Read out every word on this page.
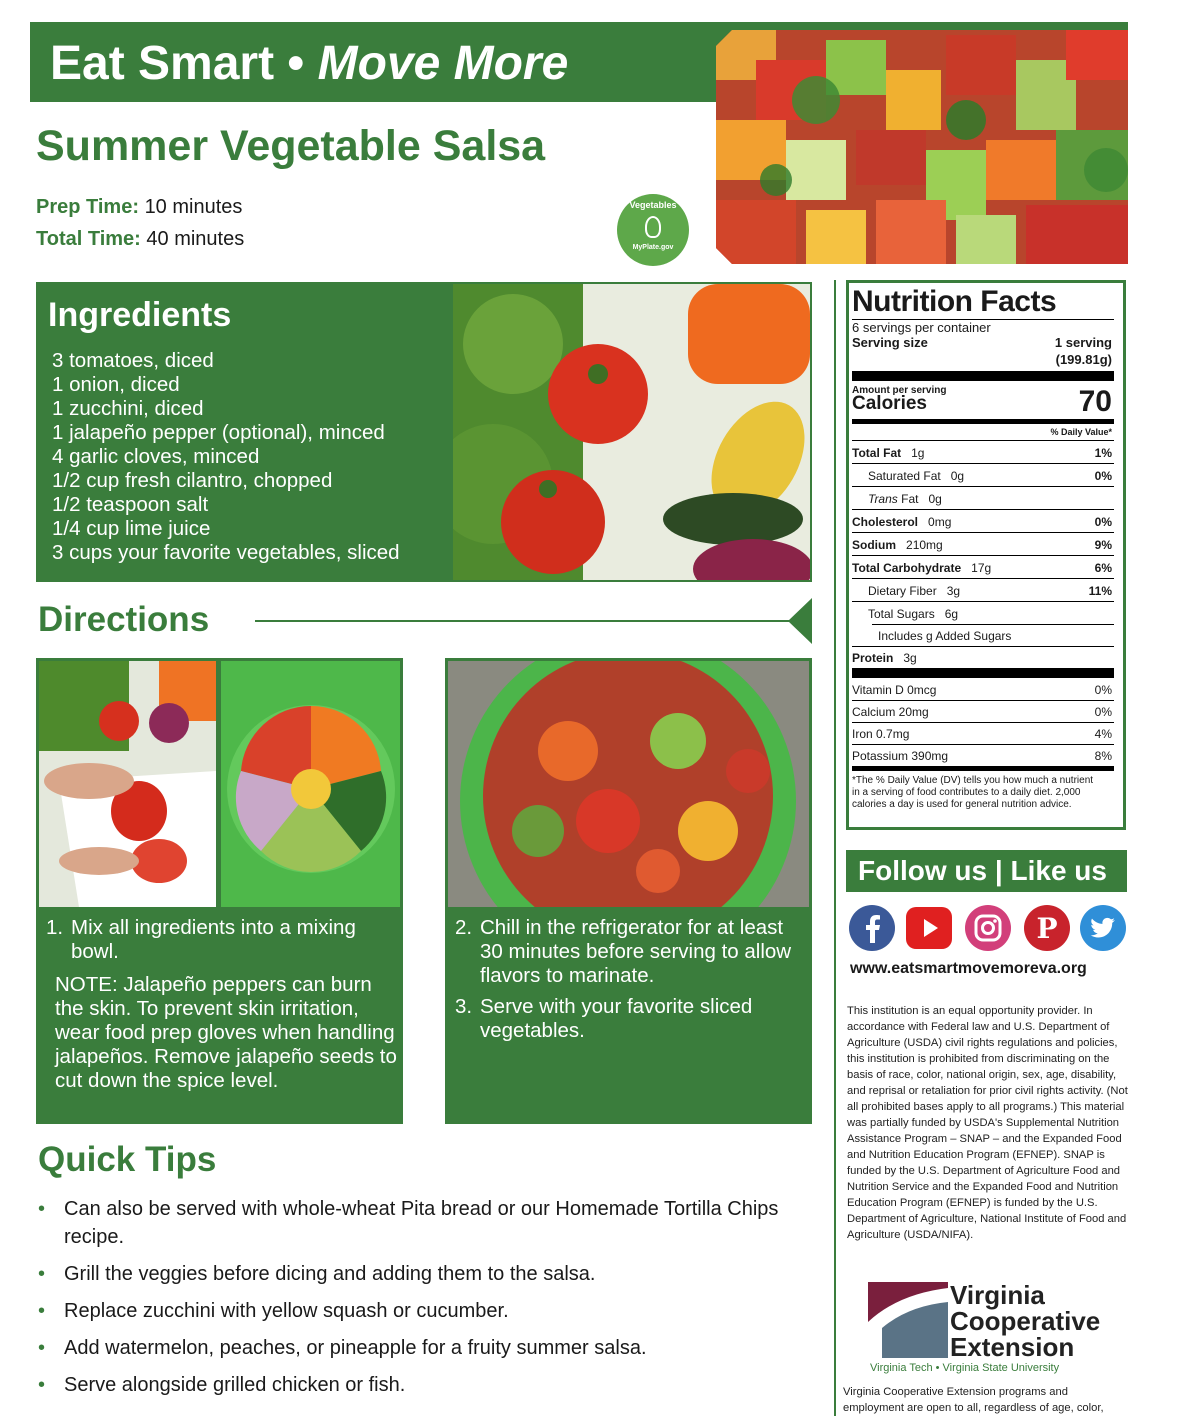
Eat Smart • Move More
Summer Vegetable Salsa
Prep Time: 10 minutes
Total Time: 40 minutes
Vegetables
MyPlate.gov
Ingredients
3 tomatoes, diced
1 onion, diced
1 zucchini, diced
1 jalapeño pepper (optional), minced
4 garlic cloves, minced
1/2 cup fresh cilantro, chopped
1/2 teaspoon salt
1/4 cup lime juice
3 cups your favorite vegetables, sliced
Directions
1. Mix all ingredients into a mixing bowl.
NOTE: Jalapeño peppers can burn the skin. To prevent skin irritation, wear food prep gloves when handling jalapeños. Remove jalapeño seeds to cut down the spice level.
2. Chill in the refrigerator for at least 30 minutes before serving to allow flavors to marinate.
3. Serve with your favorite sliced vegetables.
Quick Tips
• Can also be served with whole-wheat Pita bread or our Homemade Tortilla Chips recipe.
• Grill the veggies before dicing and adding them to the salsa.
• Replace zucchini with yellow squash or cucumber.
• Add watermelon, peaches, or pineapple for a fruity summer salsa.
• Serve alongside grilled chicken or fish.
Nutrition Facts
6 servings per container
Serving size	1 serving
(199.81g)
Amount per serving
Calories	70
% Daily Value*
Total Fat 1g	1%
Saturated Fat 0g	0%
Trans Fat 0g
Cholesterol 0mg	0%
Sodium 210mg	9%
Total Carbohydrate 17g	6%
Dietary Fiber 3g	11%
Total Sugars 6g
Includes g Added Sugars
Protein 3g
Vitamin D 0mcg	0%
Calcium 20mg	0%
Iron 0.7mg	4%
Potassium 390mg	8%
*The % Daily Value (DV) tells you how much a nutrient in a serving of food contributes to a daily diet. 2,000 calories a day is used for general nutrition advice.
Follow us | Like us
P
www.eatsmartmovemoreva.org
This institution is an equal opportunity provider. In accordance with Federal law and U.S. Department of Agriculture (USDA) civil rights regulations and policies, this institution is prohibited from discriminating on the basis of race, color, national origin, sex, age, disability, and reprisal or retaliation for prior civil rights activity. (Not all prohibited bases apply to all programs.) This material was partially funded by USDA's Supplemental Nutrition Assistance Program – SNAP – and the Expanded Food and Nutrition Education Program (EFNEP). SNAP is funded by the U.S. Department of Agriculture Food and Nutrition Service and the Expanded Food and Nutrition Education Program (EFNEP) is funded by the U.S. Department of Agriculture, National Institute of Food and Agriculture (USDA/NIFA).
Virginia
Cooperative
Extension
Virginia Tech • Virginia State University
Virginia Cooperative Extension programs and employment are open to all, regardless of age, color,
